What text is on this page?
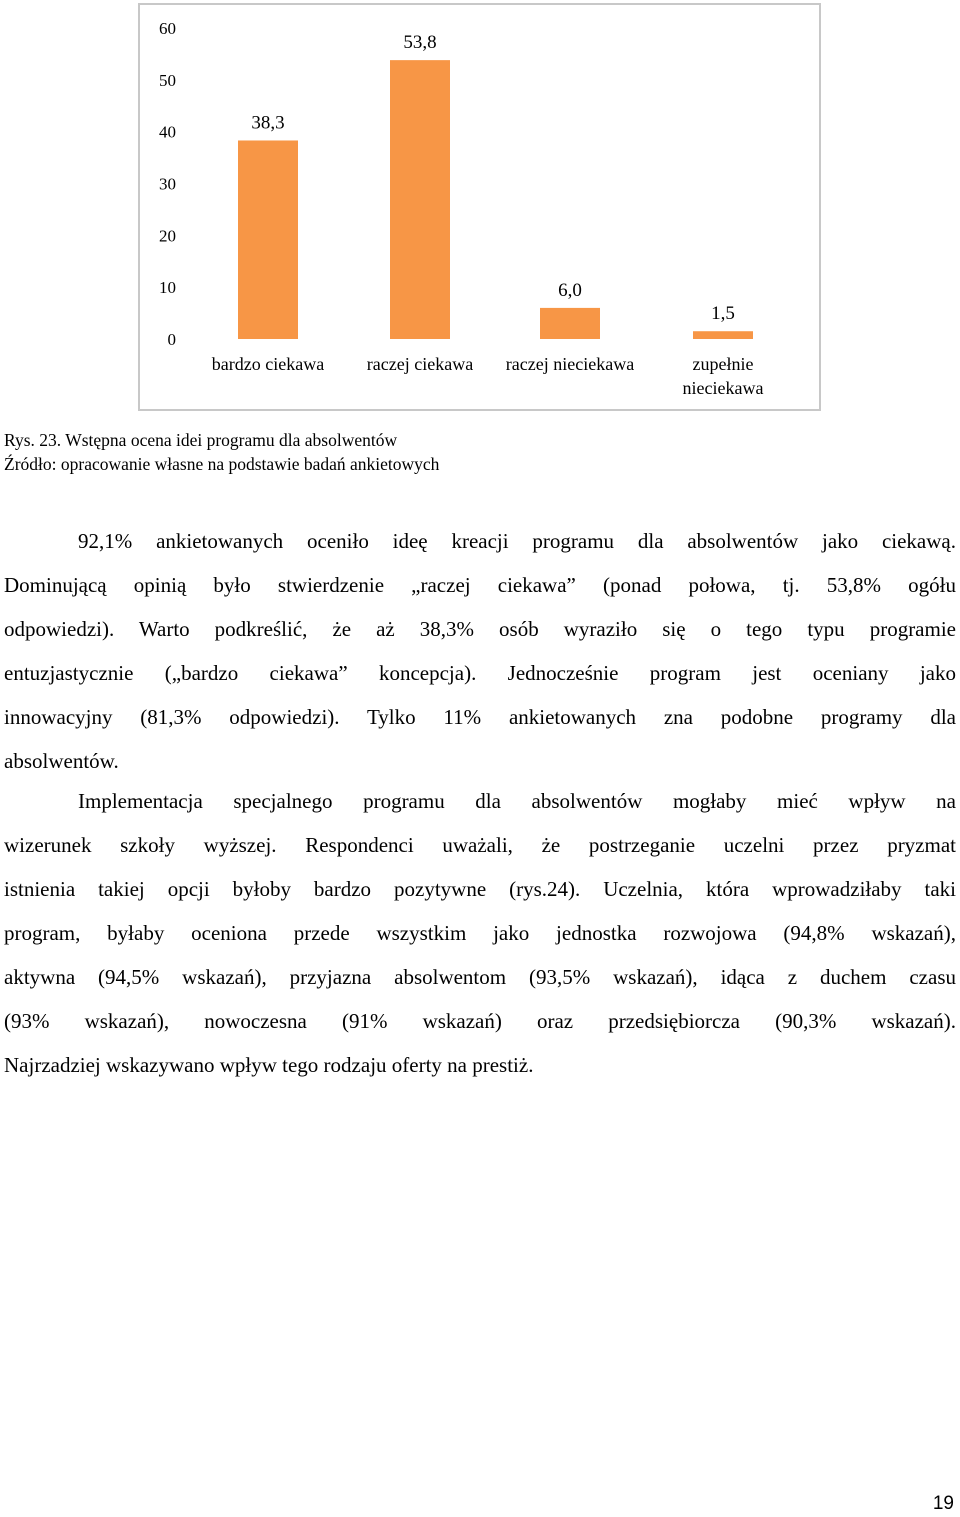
0
10
20
30
40
50
60
38,3
53,8
6,0
1,5
bardzo ciekawa raczej ciekawa raczej nieciekawa	zupełnie
nieciekawa
Rys. 23. Wstępna ocena idei programu dla absolwentów
Źródło: opracowanie własne na podstawie badań ankietowych
92,1% ankietowanych oceniło ideę kreacji programu dla absolwentów jako ciekawą.
Dominującą opinią było stwierdzenie „raczej ciekawa” (ponad połowa, tj. 53,8% ogółu
odpowiedzi). Warto podkreślić, że aż 38,3% osób wyraziło się o tego typu programie
entuzjastycznie („bardzo ciekawa” koncepcja). Jednocześnie program jest oceniany jako
innowacyjny (81,3% odpowiedzi). Tylko 11% ankietowanych zna podobne programy dla
absolwentów.
Implementacja specjalnego programu dla absolwentów mogłaby mieć wpływ na
wizerunek szkoły wyższej. Respondenci uważali, że postrzeganie uczelni przez pryzmat
istnienia takiej opcji byłoby bardzo pozytywne (rys.24). Uczelnia, która wprowadziłaby taki
program, byłaby oceniona przede wszystkim jako jednostka rozwojowa (94,8% wskazań),
aktywna (94,5% wskazań), przyjazna absolwentom (93,5% wskazań), idąca z duchem czasu
(93% wskazań), nowoczesna (91% wskazań) oraz przedsiębiorcza (90,3% wskazań).
Najrzadziej wskazywano wpływ tego rodzaju oferty na prestiż.
19
